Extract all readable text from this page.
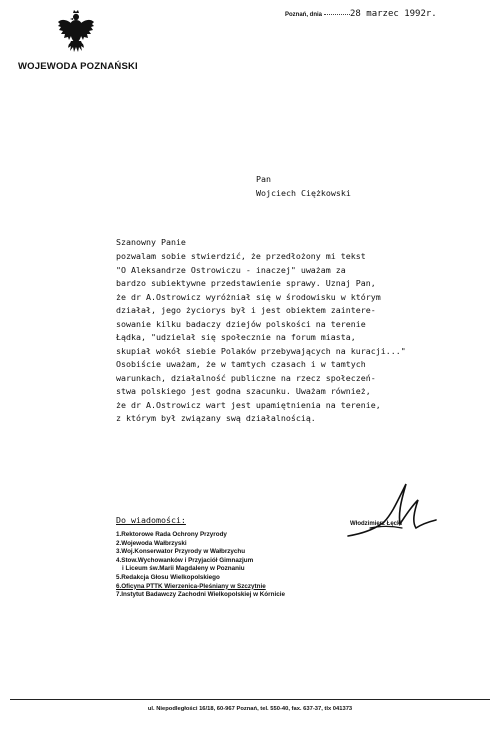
WOJEWODA POZNAŃSKI
Poznań, dnia	28 marzec 1992r.
Pan
Wojciech Ciężkowski
Szanowny Panie
pozwalam sobie stwierdzić, że przedłożony mi tekst
"O Aleksandrze Ostrowiczu - inaczej" uważam za
bardzo subiektywne przedstawienie sprawy. Uznaj Pan,
że dr A.Ostrowicz wyróżniał się w środowisku w którym
działał, jego życiorys był i jest obiektem zaintere-
sowanie kilku badaczy dziejów polskości na terenie
Łądka, "udzielał się społecznie na forum miasta,
skupiał wokół siebie Polaków przebywających na kuracji..."
Osobiście uważam, że w tamtych czasach i w tamtych
warunkach, działalność publiczne na rzecz społeczeń-
stwa polskiego jest godna szacunku. Uważam również,
że dr A.Ostrowicz wart jest upamiętnienia na terenie,
z którym był związany swą działalnością.
Włodzimierz Łęcki
Do wiadomości:
1.Rektorowe Rada Ochrony Przyrody
2.Wojewoda Wałbrzyski
3.Woj.Konserwator Przyrody w Wałbrzychu
4.Stow.Wychowanków i Przyjaciół Gimnazjum
i Liceum św.Marii Magdaleny w Poznaniu
5.Redakcja Głosu Wielkopolskiego
6.Oficyna PTTK Wierzenica-Pleśniany w Szczytnie
7.Instytut Badawczy Zachodni Wielkopolskiej w Kórnicie
ul. Niepodległości 16/18, 60-967 Poznań, tel. 550-40, fax. 637-37, tlx 041373
